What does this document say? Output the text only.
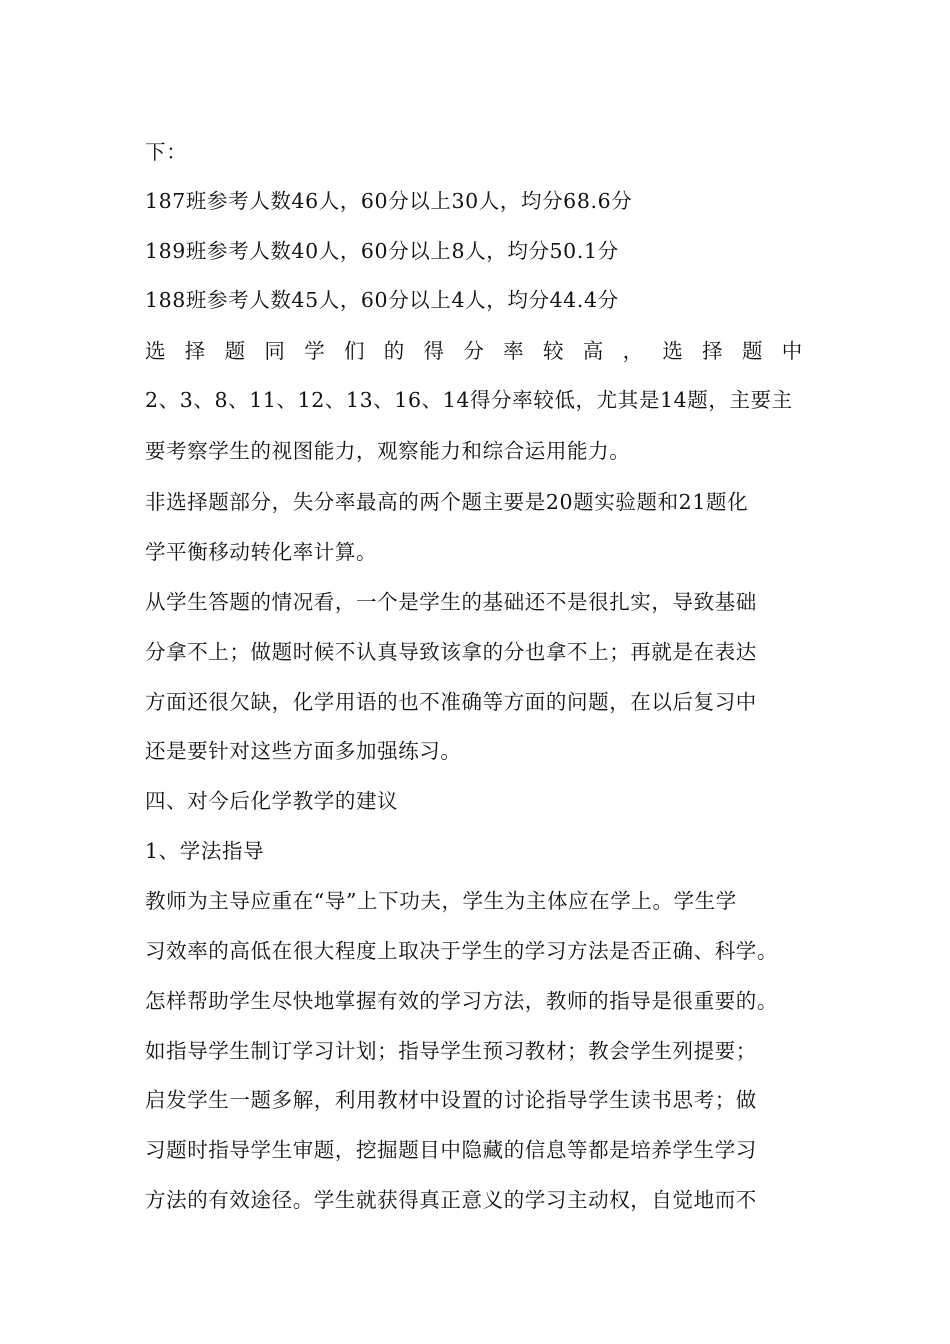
下：
187班参考人数46人，60分以上30人，均分68.6分
189班参考人数40人，60分以上8人，均分50.1分
188班参考人数45人，60分以上4人，均分44.4分
选 择 题 同 学 们 的 得 分 率 较 高 ， 选 择 题 中
2、3、8、11、12、13、16、14得分率较低，尤其是14题，主要主
要考察学生的视图能力，观察能力和综合运用能力。
非选择题部分，失分率最高的两个题主要是20题实验题和21题化
学平衡移动转化率计算。
从学生答题的情况看，一个是学生的基础还不是很扎实，导致基础
分拿不上；做题时候不认真导致该拿的分也拿不上；再就是在表达
方面还很欠缺，化学用语的也不准确等方面的问题，在以后复习中
还是要针对这些方面多加强练习。
四、对今后化学教学的建议
1、学法指导
教师为主导应重在“导”上下功夫，学生为主体应在学上。学生学
习效率的高低在很大程度上取决于学生的学习方法是否正确、科学。
怎样帮助学生尽快地掌握有效的学习方法，教师的指导是很重要的。
如指导学生制订学习计划；指导学生预习教材；教会学生列提要；
启发学生一题多解，利用教材中设置的讨论指导学生读书思考；做
习题时指导学生审题，挖掘题目中隐藏的信息等都是培养学生学习
方法的有效途径。学生就获得真正意义的学习主动权，自觉地而不
